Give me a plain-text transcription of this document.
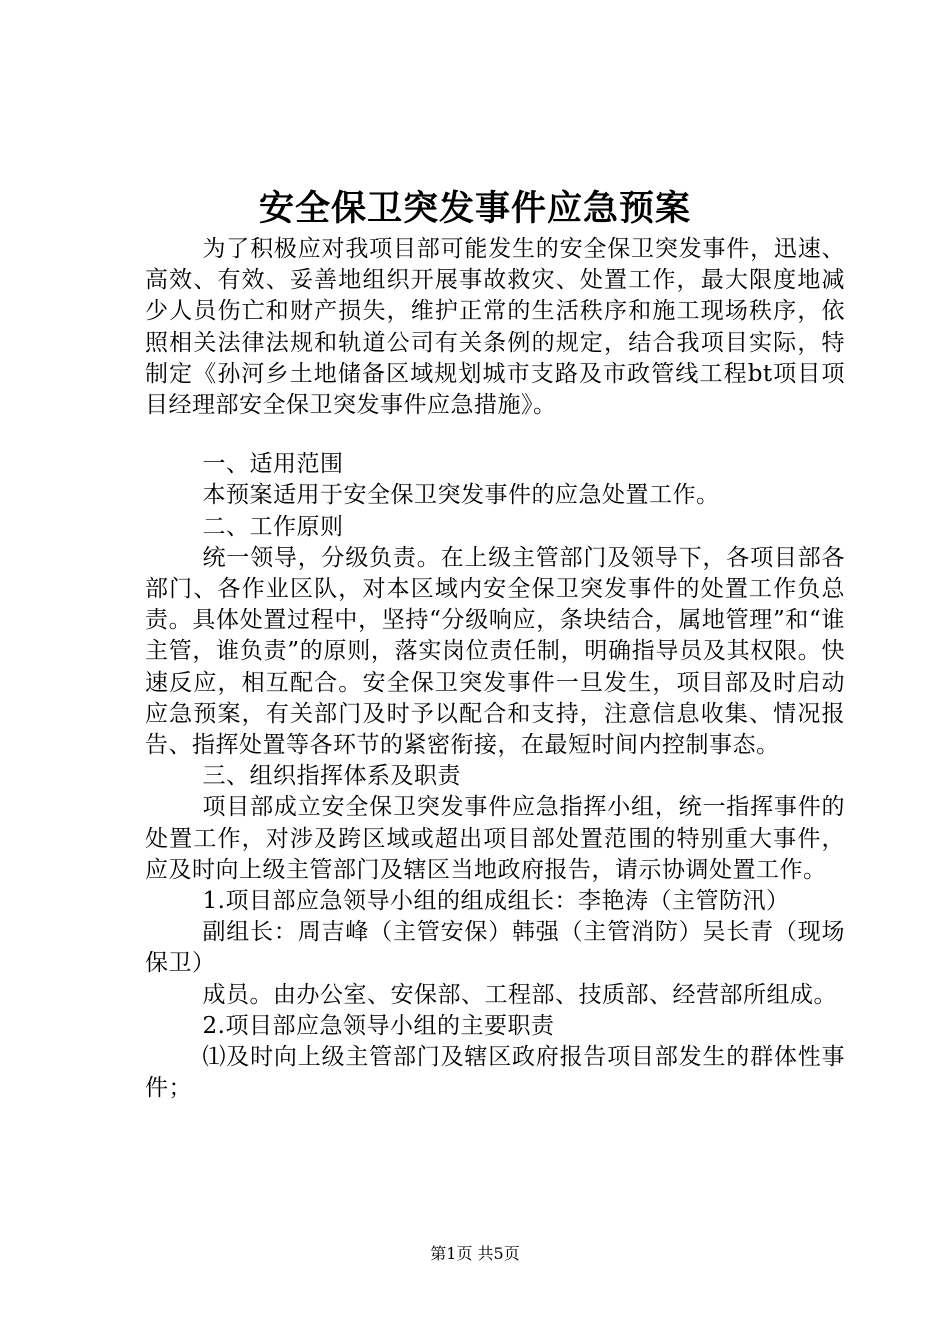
安全保卫突发事件应急预案

为了积极应对我项目部可能发生的安全保卫突发事件，迅速、高效、有效、妥善地组织开展事故救灾、处置工作，最大限度地减少人员伤亡和财产损失，维护正常的生活秩序和施工现场秩序，依照相关法律法规和轨道公司有关条例的规定，结合我项目实际，特制定《孙河乡土地储备区域规划城市支路及市政管线工程bt项目项目经理部安全保卫突发事件应急措施》。

一、适用范围

本预案适用于安全保卫突发事件的应急处置工作。

二、工作原则

统一领导，分级负责。在上级主管部门及领导下，各项目部各部门、各作业区队，对本区域内安全保卫突发事件的处置工作负总责。具体处置过程中，坚持“分级响应，条块结合，属地管理”和“谁主管，谁负责”的原则，落实岗位责任制，明确指导员及其权限。快速反应，相互配合。安全保卫突发事件一旦发生，项目部及时启动应急预案，有关部门及时予以配合和支持，注意信息收集、情况报告、指挥处置等各环节的紧密衔接，在最短时间内控制事态。

三、组织指挥体系及职责

项目部成立安全保卫突发事件应急指挥小组，统一指挥事件的处置工作，对涉及跨区域或超出项目部处置范围的特别重大事件，应及时向上级主管部门及辖区当地政府报告，请示协调处置工作。

1.项目部应急领导小组的组成组长：李艳涛（主管防汛）

副组长：周吉峰（主管安保）韩强（主管消防）吴长青（现场保卫）

成员。由办公室、安保部、工程部、技质部、经营部所组成。

2.项目部应急领导小组的主要职责

⑴及时向上级主管部门及辖区政府报告项目部发生的群体性事件；

第1页 共5页
